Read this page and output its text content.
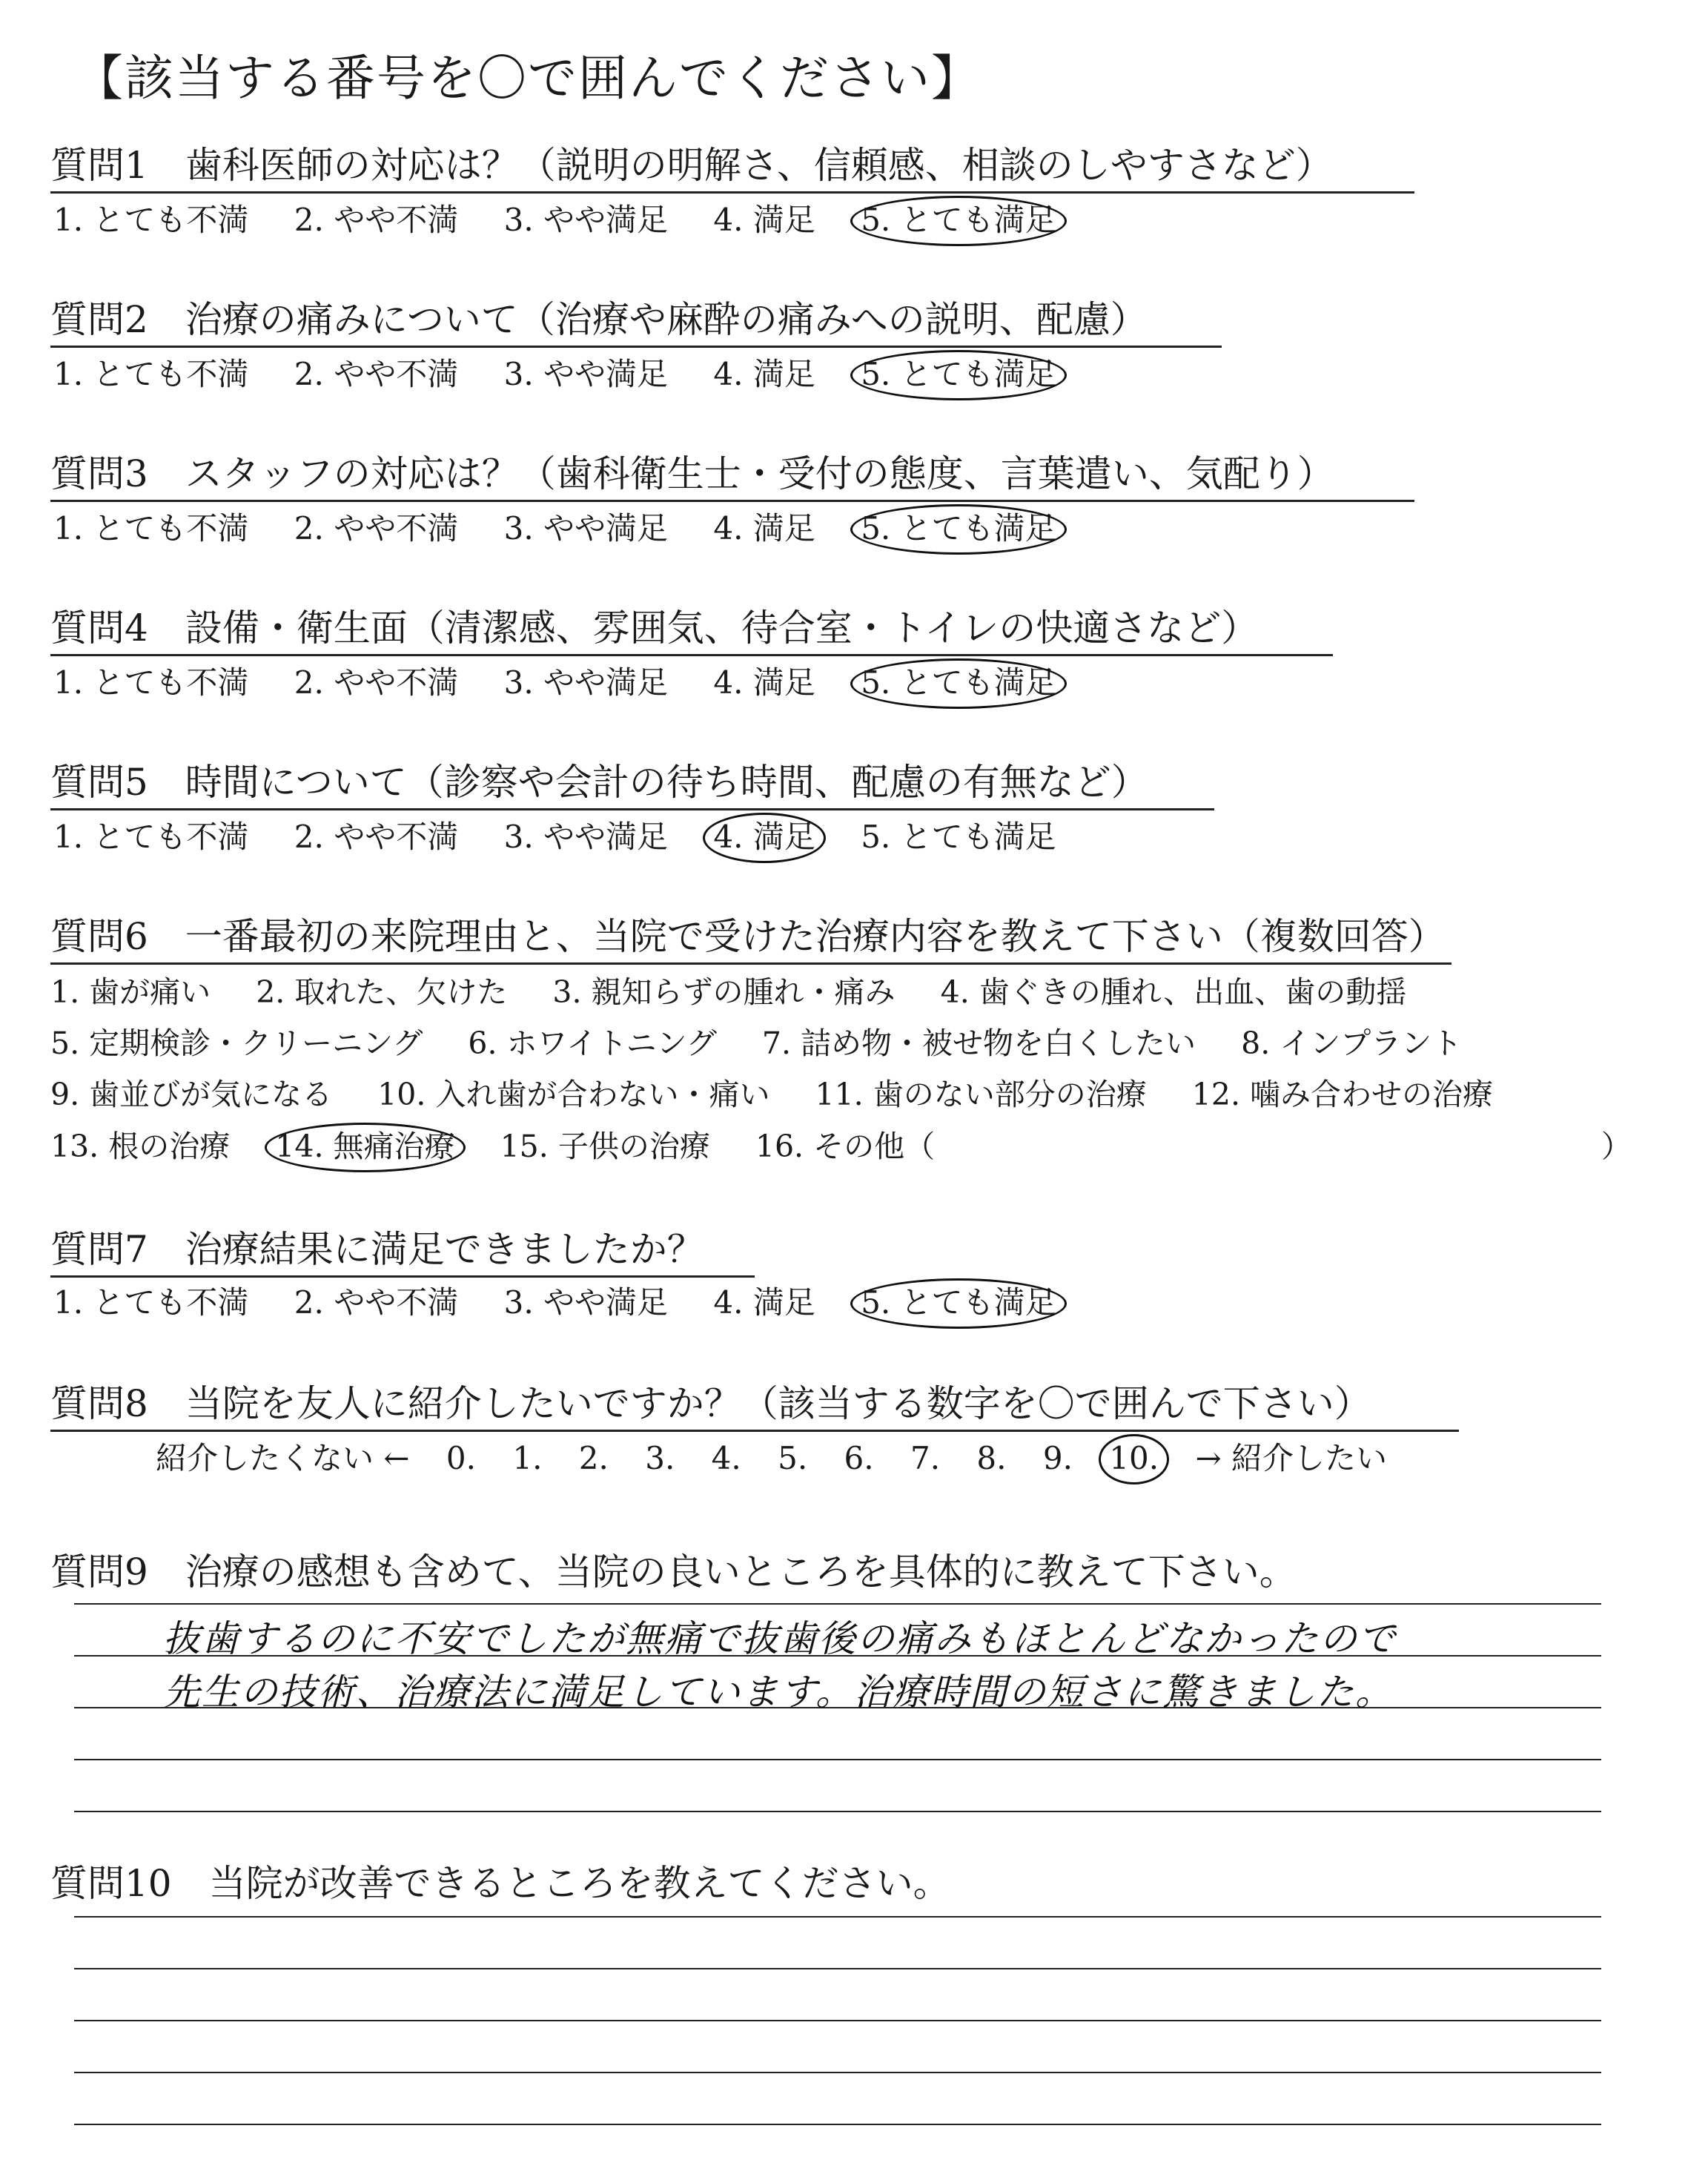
【該当する番号を〇で囲んでください】
質問1　歯科医師の対応は？（説明の明解さ、信頼感、相談のしやすさなど）
1. とても不満 2. やや不満 3. やや満足 4. 満足 5. とても満足
質問2　治療の痛みについて（治療や麻酔の痛みへの説明、配慮）
1. とても不満 2. やや不満 3. やや満足 4. 満足 5. とても満足
質問3　スタッフの対応は？（歯科衛生士・受付の態度、言葉遣い、気配り）
1. とても不満 2. やや不満 3. やや満足 4. 満足 5. とても満足
質問4　設備・衛生面（清潔感、雰囲気、待合室・トイレの快適さなど）
1. とても不満 2. やや不満 3. やや満足 4. 満足 5. とても満足
質問5　時間について（診察や会計の待ち時間、配慮の有無など）
1. とても不満 2. やや不満 3. やや満足 4. 満足 5. とても満足
質問6　一番最初の来院理由と、当院で受けた治療内容を教えて下さい（複数回答）
1. 歯が痛い 2. 取れた、欠けた 3. 親知らずの腫れ・痛み 4. 歯ぐきの腫れ、出血、歯の動揺
5. 定期検診・クリーニング 6. ホワイトニング 7. 詰め物・被せ物を白くしたい 8. インプラント
9. 歯並びが気になる 10. 入れ歯が合わない・痛い 11. 歯のない部分の治療 12. 噛み合わせの治療
13. 根の治療 14. 無痛治療 15. 子供の治療 16. その他（	）
質問7　治療結果に満足できましたか？
1. とても不満 2. やや不満 3. やや満足 4. 満足 5. とても満足
質問8　当院を友人に紹介したいですか？（該当する数字を〇で囲んで下さい）
紹介したくない ← 0. 1. 2. 3. 4. 5. 6. 7. 8. 9. 10. → 紹介したい
質問9　治療の感想も含めて、当院の良いところを具体的に教えて下さい。
抜歯するのに不安でしたが無痛で抜歯後の痛みもほとんどなかったので
先生の技術、治療法に満足しています。治療時間の短さに驚きました。
質問10　当院が改善できるところを教えてください。
